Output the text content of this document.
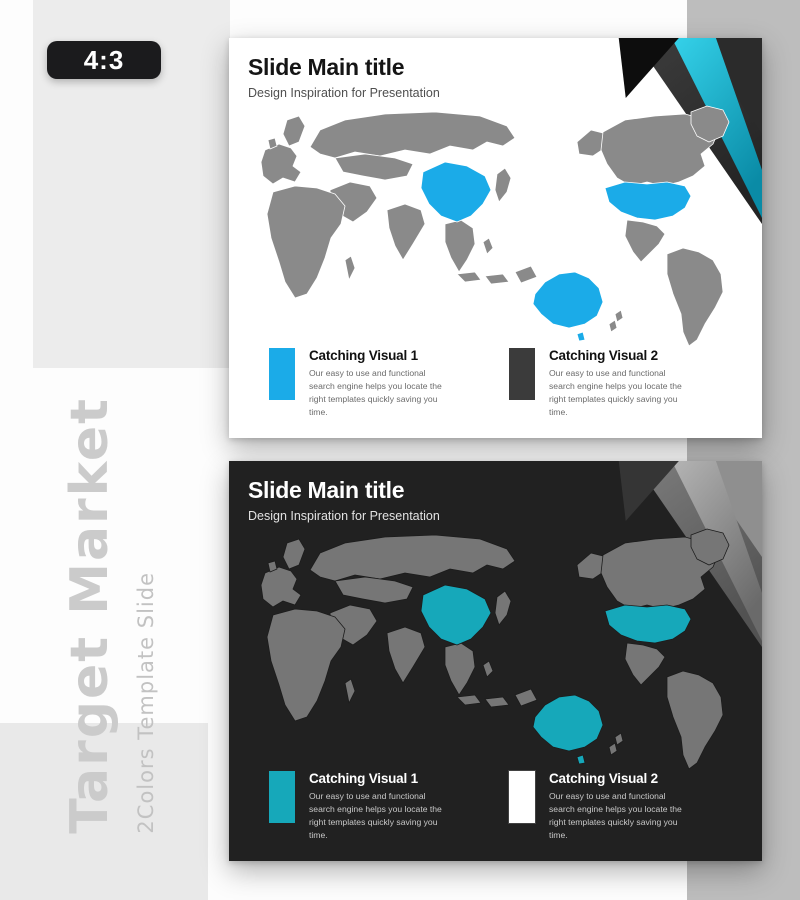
4:3
Target Market 2Colors Template Slide
Slide Main title

Design Inspiration for Presentation

Catching Visual 1

Our easy to use and functional search engine helps you locate the right templates quickly saving you time.

Catching Visual 2

Our easy to use and functional search engine helps you locate the right templates quickly saving you time.

Slide Main title

Design Inspiration for Presentation

Catching Visual 1

Our easy to use and functional search engine helps you locate the right templates quickly saving you time.

Catching Visual 2

Our easy to use and functional search engine helps you locate the right templates quickly saving you time.
